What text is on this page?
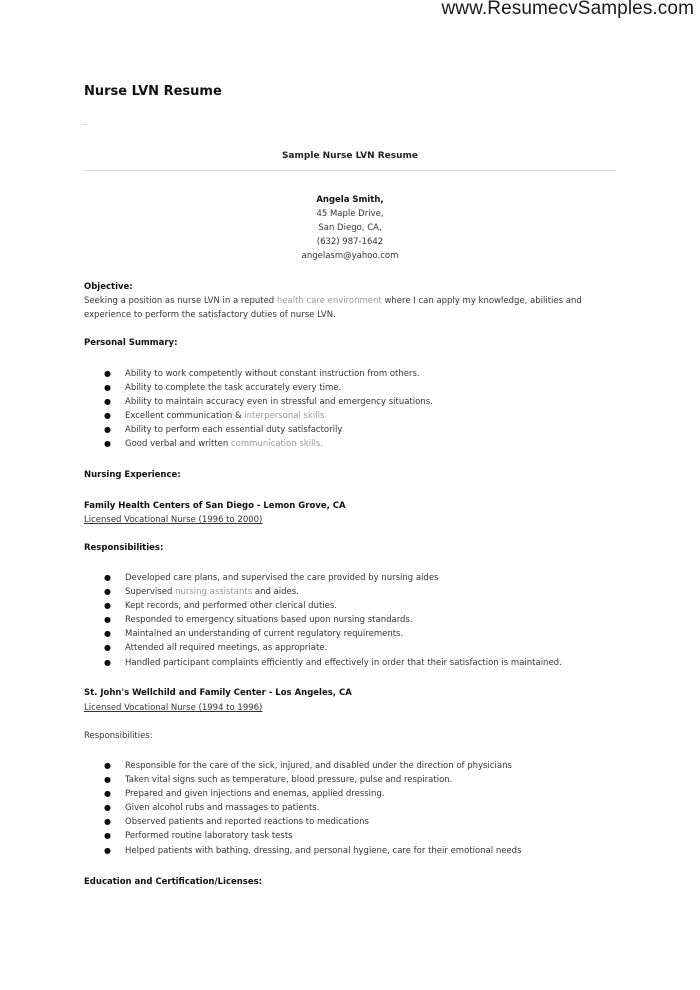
www.ResumecvSamples.com
Nurse LVN Resume
.
Sample Nurse LVN Resume
Angela Smith,
45 Maple Drive,
San Diego, CA,
(632) 987-1642
angelasm@yahoo.com
Objective:
Seeking a position as nurse LVN in a reputed health care environment where I can apply my knowledge, abilities and experience to perform the satisfactory duties of nurse LVN.
Personal Summary:
● Ability to work competently without constant instruction from others.
● Ability to complete the task accurately every time.
● Ability to maintain accuracy even in stressful and emergency situations.
● Excellent communication & interpersonal skills.
● Ability to perform each essential duty satisfactorily
● Good verbal and written communication skills.
Nursing Experience:
Family Health Centers of San Diego - Lemon Grove, CA
Licensed Vocational Nurse (1996 to 2000)
Responsibilities:
● Developed care plans, and supervised the care provided by nursing aides
● Supervised nursing assistants and aides.
● Kept records, and performed other clerical duties.
● Responded to emergency situations based upon nursing standards.
● Maintained an understanding of current regulatory requirements.
● Attended all required meetings, as appropriate.
● Handled participant complaints efficiently and effectively in order that their satisfaction is maintained.
St. John's Wellchild and Family Center - Los Angeles, CA
Licensed Vocational Nurse (1994 to 1996)
Responsibilities:
● Responsible for the care of the sick, injured, and disabled under the direction of physicians
● Taken vital signs such as temperature, blood pressure, pulse and respiration.
● Prepared and given injections and enemas, applied dressing.
● Given alcohol rubs and massages to patients.
● Observed patients and reported reactions to medications
● Performed routine laboratory task tests
● Helped patients with bathing, dressing, and personal hygiene, care for their emotional needs
Education and Certification/Licenses:
